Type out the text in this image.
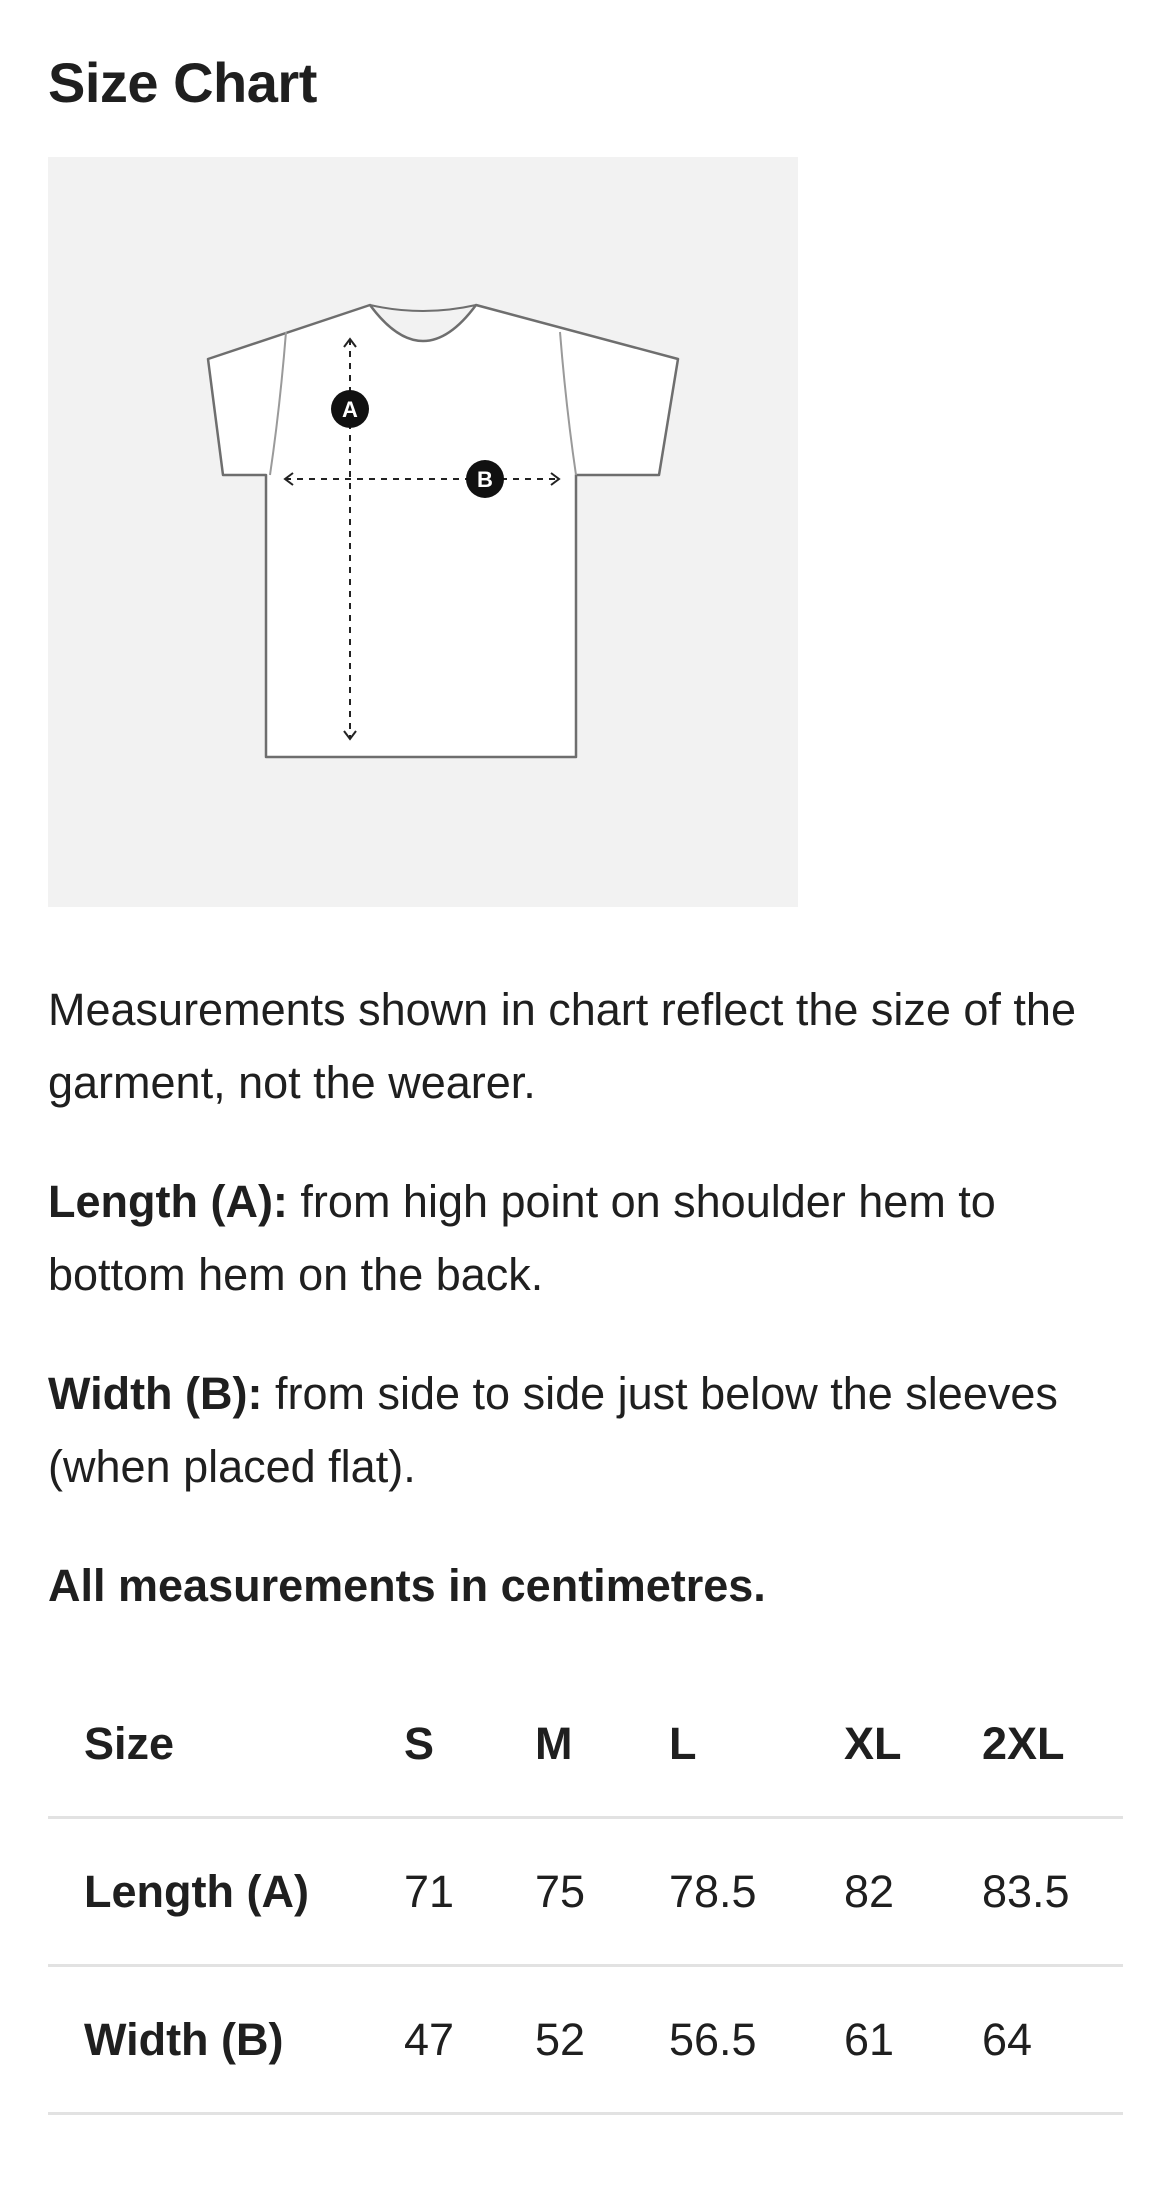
Size Chart
A
B

Measurements shown in chart reflect the size of the garment, not the wearer.

Length (A): from high point on shoulder hem to bottom hem on the back.

Width (B): from side to side just below the sleeves (when placed flat).

All measurements in centimetres.

Size	S	M	L	XL	2XL
Length (A)	71	75	78.5	82	83.5
Width (B)	47	52	56.5	61	64
